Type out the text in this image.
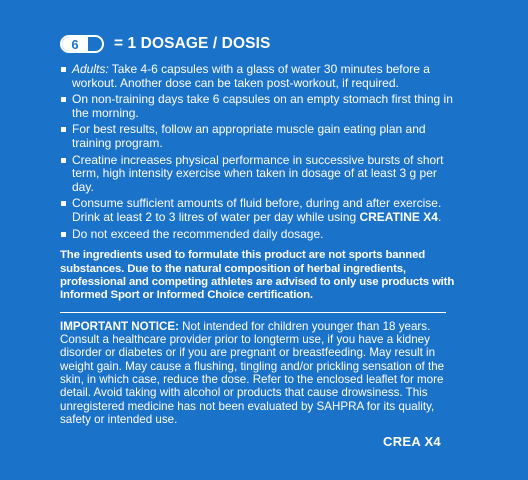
6	= 1 DOSAGE / DOSIS
Adults: Take 4-6 capsules with a glass of water 30 minutes before a workout. Another dose can be taken post-workout, if required.
On non-training days take 6 capsules on an empty stomach first thing in the morning.
For best results, follow an appropriate muscle gain eating plan and training program.
Creatine increases physical performance in successive bursts of short term, high intensity exercise when taken in dosage of at least 3 g per day.
Consume sufficient amounts of fluid before, during and after exercise. Drink at least 2 to 3 litres of water per day while using CREATINE X4.
Do not exceed the recommended daily dosage.
The ingredients used to formulate this product are not sports banned substances. Due to the natural composition of herbal ingredients, professional and competing athletes are advised to only use products with Informed Sport or Informed Choice certification.
IMPORTANT NOTICE: Not intended for children younger than 18 years. Consult a healthcare provider prior to longterm use, if you have a kidney disorder or diabetes or if you are pregnant or breastfeeding. May result in weight gain. May cause a flushing, tingling and/or prickling sensation of the skin, in which case, reduce the dose. Refer to the enclosed leaflet for more detail. Avoid taking with alcohol or products that cause drowsiness. This unregistered medicine has not been evaluated by SAHPRA for its quality, safety or intended use.
CREA X4
